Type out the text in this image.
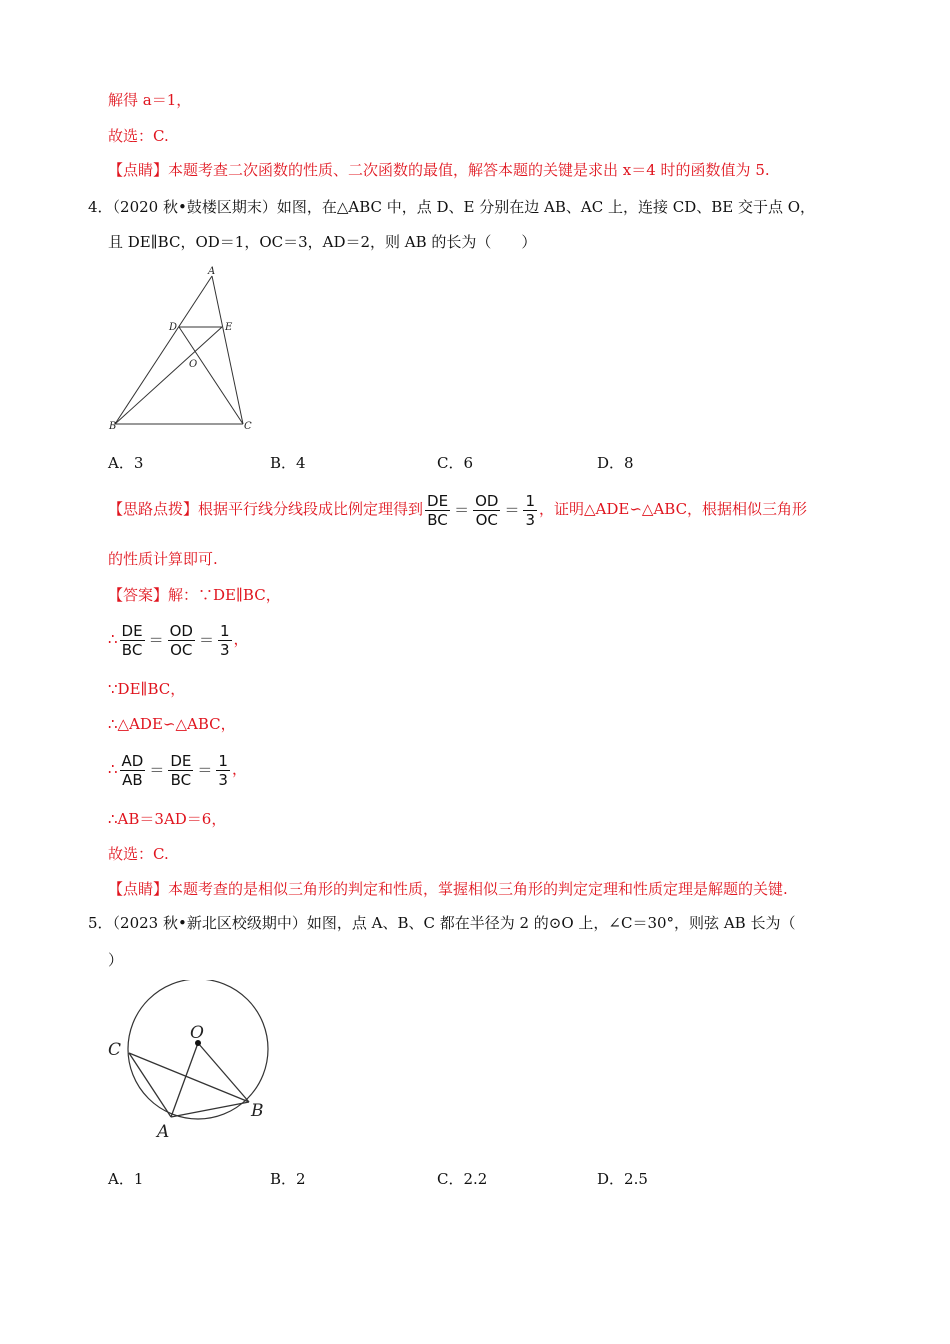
解得 a＝1，
故选：C.
【点睛】本题考查二次函数的性质、二次函数的最值，解答本题的关键是求出 x＝4 时的函数值为 5.
4．（2020 秋•鼓楼区期末）如图，在△ABC 中，点 D、E 分别在边 AB、AC 上，连接 CD、BE 交于点 O，
且 DE∥BC，OD＝1，OC＝3，AD＝2，则 AB 的长为（　　）
A
D	E
O
B	C
A．3	B．4	C．6	D．8
【思路点拨】根据平行线分线段成比例定理得到 $\frac{DE}{BC} = \frac{OD}{OC} = \frac{1}{3}$ ，证明△ADE∽△ABC，根据相似三角形
的性质计算即可.
【答案】解：∵DE∥BC，
∴ $\frac{DE}{BC} = \frac{OD}{OC} = \frac{1}{3}$ ，
∵DE∥BC，
∴△ADE∽△ABC，
∴ $\frac{AD}{AB} = \frac{DE}{BC} = \frac{1}{3}$ ，
∴AB＝3AD＝6，
故选：C.
【点睛】本题考查的是相似三角形的判定和性质，掌握相似三角形的判定定理和性质定理是解题的关键.
5．（2023 秋•新北区校级期中）如图，点 A、B、C 都在半径为 2 的⊙O 上，∠C＝30°，则弦 AB 长为（
）
C
O
A
B
A．1	B．2	C．2.2	D．2.5
